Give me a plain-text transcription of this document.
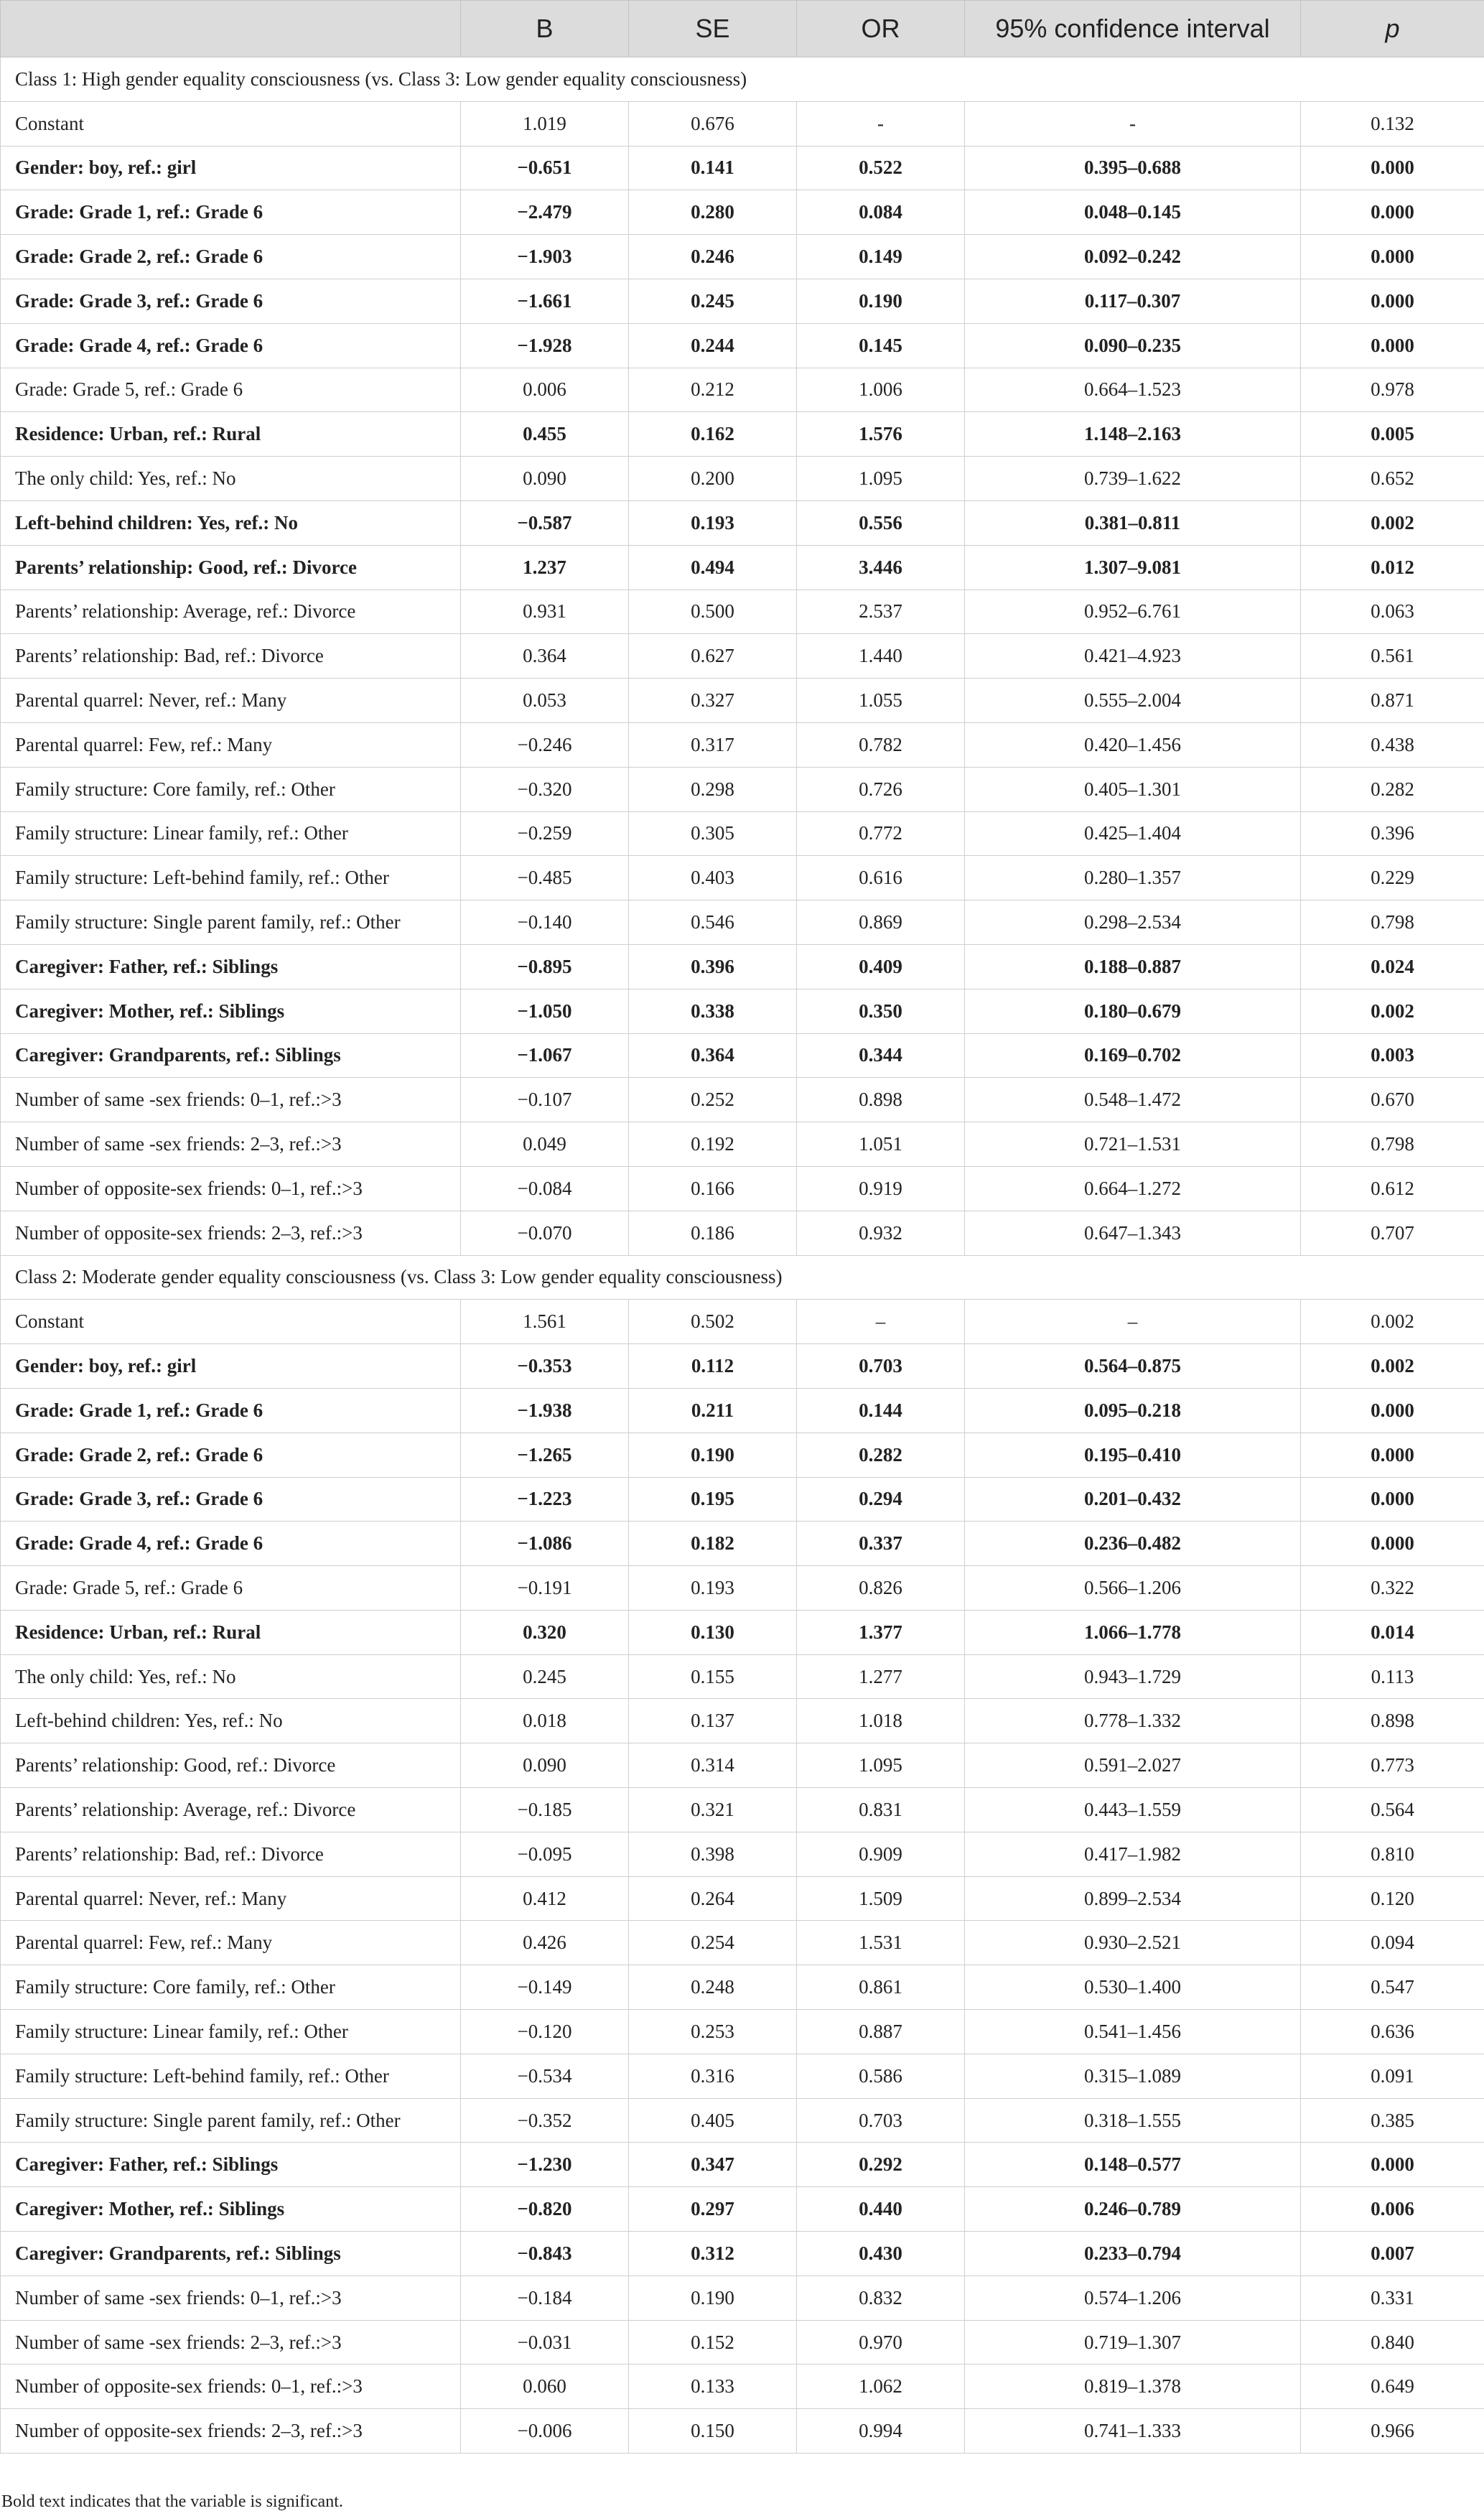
	B	SE	OR	95% confidence interval	p
Class 1: High gender equality consciousness (vs. Class 3: Low gender equality consciousness)					
Constant	1.019	0.676	-	-	0.132
Gender: boy, ref.: girl	−0.651	0.141	0.522	0.395–0.688	0.000
Grade: Grade 1, ref.: Grade 6	−2.479	0.280	0.084	0.048–0.145	0.000
Grade: Grade 2, ref.: Grade 6	−1.903	0.246	0.149	0.092–0.242	0.000
Grade: Grade 3, ref.: Grade 6	−1.661	0.245	0.190	0.117–0.307	0.000
Grade: Grade 4, ref.: Grade 6	−1.928	0.244	0.145	0.090–0.235	0.000
Grade: Grade 5, ref.: Grade 6	0.006	0.212	1.006	0.664–1.523	0.978
Residence: Urban, ref.: Rural	0.455	0.162	1.576	1.148–2.163	0.005
The only child: Yes, ref.: No	0.090	0.200	1.095	0.739–1.622	0.652
Left-behind children: Yes, ref.: No	−0.587	0.193	0.556	0.381–0.811	0.002
Parents’ relationship: Good, ref.: Divorce	1.237	0.494	3.446	1.307–9.081	0.012
Parents’ relationship: Average, ref.: Divorce	0.931	0.500	2.537	0.952–6.761	0.063
Parents’ relationship: Bad, ref.: Divorce	0.364	0.627	1.440	0.421–4.923	0.561
Parental quarrel: Never, ref.: Many	0.053	0.327	1.055	0.555–2.004	0.871
Parental quarrel: Few, ref.: Many	−0.246	0.317	0.782	0.420–1.456	0.438
Family structure: Core family, ref.: Other	−0.320	0.298	0.726	0.405–1.301	0.282
Family structure: Linear family, ref.: Other	−0.259	0.305	0.772	0.425–1.404	0.396
Family structure: Left-behind family, ref.: Other	−0.485	0.403	0.616	0.280–1.357	0.229
Family structure: Single parent family, ref.: Other	−0.140	0.546	0.869	0.298–2.534	0.798
Caregiver: Father, ref.: Siblings	−0.895	0.396	0.409	0.188–0.887	0.024
Caregiver: Mother, ref.: Siblings	−1.050	0.338	0.350	0.180–0.679	0.002
Caregiver: Grandparents, ref.: Siblings	−1.067	0.364	0.344	0.169–0.702	0.003
Number of same -sex friends: 0–1, ref.:>3	−0.107	0.252	0.898	0.548–1.472	0.670
Number of same -sex friends: 2–3, ref.:>3	0.049	0.192	1.051	0.721–1.531	0.798
Number of opposite-sex friends: 0–1, ref.:>3	−0.084	0.166	0.919	0.664–1.272	0.612
Number of opposite-sex friends: 2–3, ref.:>3	−0.070	0.186	0.932	0.647–1.343	0.707
Class 2: Moderate gender equality consciousness (vs. Class 3: Low gender equality consciousness)					
Constant	1.561	0.502	–	–	0.002
Gender: boy, ref.: girl	−0.353	0.112	0.703	0.564–0.875	0.002
Grade: Grade 1, ref.: Grade 6	−1.938	0.211	0.144	0.095–0.218	0.000
Grade: Grade 2, ref.: Grade 6	−1.265	0.190	0.282	0.195–0.410	0.000
Grade: Grade 3, ref.: Grade 6	−1.223	0.195	0.294	0.201–0.432	0.000
Grade: Grade 4, ref.: Grade 6	−1.086	0.182	0.337	0.236–0.482	0.000
Grade: Grade 5, ref.: Grade 6	−0.191	0.193	0.826	0.566–1.206	0.322
Residence: Urban, ref.: Rural	0.320	0.130	1.377	1.066–1.778	0.014
The only child: Yes, ref.: No	0.245	0.155	1.277	0.943–1.729	0.113
Left-behind children: Yes, ref.: No	0.018	0.137	1.018	0.778–1.332	0.898
Parents’ relationship: Good, ref.: Divorce	0.090	0.314	1.095	0.591–2.027	0.773
Parents’ relationship: Average, ref.: Divorce	−0.185	0.321	0.831	0.443–1.559	0.564
Parents’ relationship: Bad, ref.: Divorce	−0.095	0.398	0.909	0.417–1.982	0.810
Parental quarrel: Never, ref.: Many	0.412	0.264	1.509	0.899–2.534	0.120
Parental quarrel: Few, ref.: Many	0.426	0.254	1.531	0.930–2.521	0.094
Family structure: Core family, ref.: Other	−0.149	0.248	0.861	0.530–1.400	0.547
Family structure: Linear family, ref.: Other	−0.120	0.253	0.887	0.541–1.456	0.636
Family structure: Left-behind family, ref.: Other	−0.534	0.316	0.586	0.315–1.089	0.091
Family structure: Single parent family, ref.: Other	−0.352	0.405	0.703	0.318–1.555	0.385
Caregiver: Father, ref.: Siblings	−1.230	0.347	0.292	0.148–0.577	0.000
Caregiver: Mother, ref.: Siblings	−0.820	0.297	0.440	0.246–0.789	0.006
Caregiver: Grandparents, ref.: Siblings	−0.843	0.312	0.430	0.233–0.794	0.007
Number of same -sex friends: 0–1, ref.:>3	−0.184	0.190	0.832	0.574–1.206	0.331
Number of same -sex friends: 2–3, ref.:>3	−0.031	0.152	0.970	0.719–1.307	0.840
Number of opposite-sex friends: 0–1, ref.:>3	0.060	0.133	1.062	0.819–1.378	0.649
Number of opposite-sex friends: 2–3, ref.:>3	−0.006	0.150	0.994	0.741–1.333	0.966

Bold text indicates that the variable is significant.
